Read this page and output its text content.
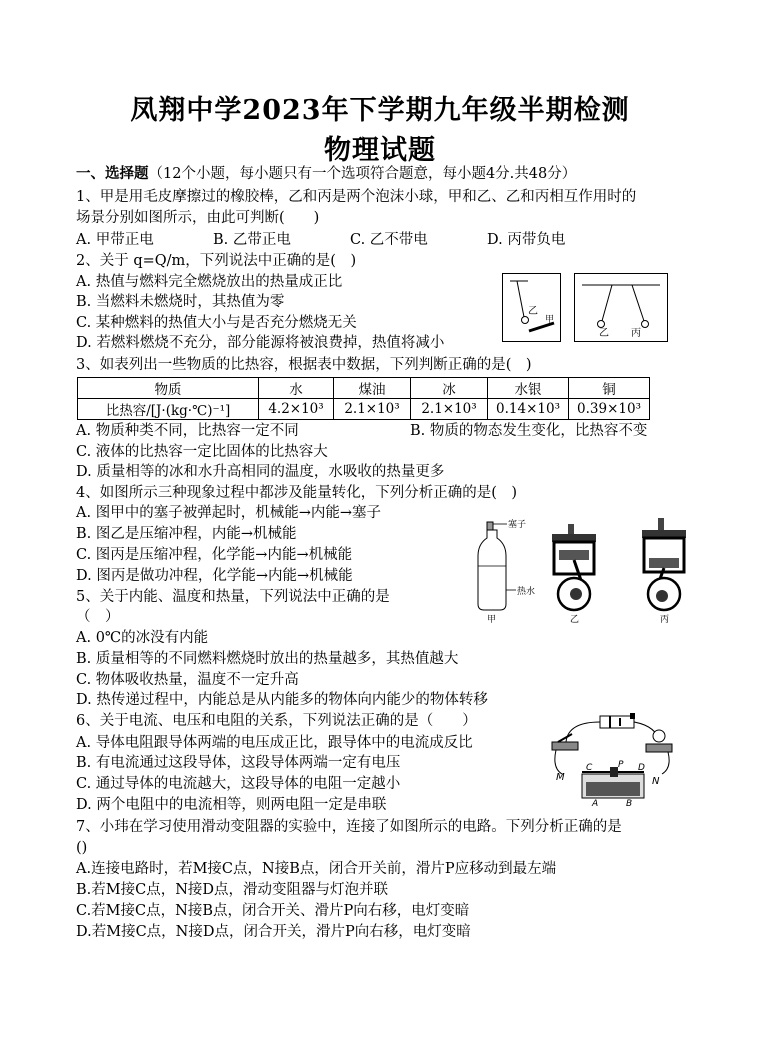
凤翔中学2023年下学期九年级半期检测
物理试题
一、选择题（12个小题，每小题只有一个选项符合题意，每小题4分.共48分）
1、甲是用毛皮摩擦过的橡胶棒，乙和丙是两个泡沫小球，甲和乙、乙和丙相互作用时的
场景分别如图所示，由此可判断(　　)
A. 甲带正电	B. 乙带正电	C. 乙不带电	D. 丙带负电
2、关于 q=Q/m，下列说法中正确的是(　)
A. 热值与燃料完全燃烧放出的热量成正比
B. 当燃料未燃烧时，其热值为零
C. 某种燃料的热值大小与是否充分燃烧无关
D. 若燃料燃烧不充分，部分能源将被浪费掉，热值将减小
乙
甲
乙 丙
3、如表列出一些物质的比热容，根据表中数据，下列判断正确的是(　)
物质	水	煤油	冰	水银	铜
比热容/[J·(kg·℃)⁻¹]	4.2×10³	2.1×10³	2.1×10³	0.14×10³	0.39×10³
A. 物质种类不同，比热容一定不同	B. 物质的物态发生变化，比热容不变
C. 液体的比热容一定比固体的比热容大
D. 质量相等的冰和水升高相同的温度，水吸收的热量更多
4、如图所示三种现象过程中都涉及能量转化，下列分析正确的是(　)
A. 图甲中的塞子被弹起时，机械能→内能→塞子
B. 图乙是压缩冲程，内能→机械能
C. 图丙是压缩冲程，化学能→内能→机械能
D. 图丙是做功冲程，化学能→内能→机械能
塞子
热水
甲	乙	丙
5、关于内能、温度和热量，下列说法中正确的是
（　）
A. 0℃的冰没有内能
B. 质量相等的不同燃料燃烧时放出的热量越多，其热值越大
C. 物体吸收热量，温度不一定升高
D. 热传递过程中，内能总是从内能多的物体向内能少的物体转移
6、关于电流、电压和电阻的关系，下列说法正确的是（　　）
A. 导体电阻跟导体两端的电压成正比，跟导体中的电流成反比
B. 有电流通过这段导体，这段导体两端一定有电压
C. 通过导体的电流越大，这段导体的电阻一定越小
D. 两个电阻中的电流相等，则两电阻一定是串联
M	N
C	P D
A	B
7、小玮在学习使用滑动变阻器的实验中，连接了如图所示的电路。下列分析正确的是
()
A.连接电路时，若M接C点，N接B点，闭合开关前，滑片P应移动到最左端
B.若M接C点，N接D点，滑动变阻器与灯泡并联
C.若M接C点，N接B点，闭合开关、滑片P向右移，电灯变暗
D.若M接C点，N接D点，闭合开关，滑片P向右移，电灯变暗
